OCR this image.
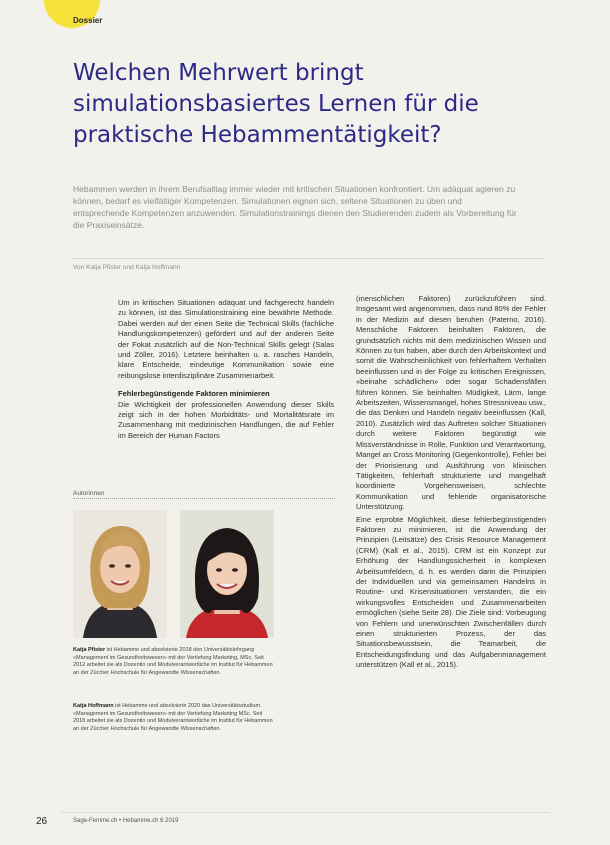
Dossier
Welchen Mehrwert bringt simulationsbasiertes Lernen für die praktische Hebammentätigkeit?

Hebammen werden in ihrem Berufsalltag immer wieder mit kritischen Situationen konfrontiert. Um adäquat agieren zu können, bedarf es vielfältiger Kompetenzen. Simulationen eignen sich, seltene Situationen zu üben und entsprechende Kompetenzen anzuwenden. Simulationstrainings dienen den Studierenden zudem als Vorbereitung für die Praxiseinsätze.

Von Katja Pfister und Katja Hoffmann

Um in kritischen Situationen adäquat und fachgerecht handeln zu können, ist das Simulationstraining eine bewährte Methode. Dabei werden auf der einen Seite die Technical Skills (fachliche Handlungskompetenzen) gefördert und auf der anderen Seite der Fokat zusätzlich auf die Non-Technical Skills gelegt (Salas und Zöller, 2016). Letztere beinhalten u. a. rasches Handeln, klare Entscheide, eindeutige Kommunikation sowie eine reibungslose interdisziplinäre Zusammenarbeit.

Fehlerbegünstigende Faktoren minimieren

Die Wichtigkeit der professionellen Anwendung dieser Skills zeigt sich in der hohen Morbiditäts- und Mortalitätsrate im Zusammenhang mit medizinischen Handlungen, die auf Fehler im Bereich der Human Factors

(menschlichen Faktoren) zurückzuführen sind. Insgesamt wird angenommen, dass rund 80% der Fehler in der Medizin auf diesen beruhen (Paterno, 2016). Menschliche Faktoren beinhalten Faktoren, die grundsätzlich nichts mit dem medizinischen Wissen und Können zu tun haben, aber durch den Arbeitskontext und somit die Wahrscheinlichkeit von fehlerhaftem Verhalten beeinflussen und in der Folge zu kritischen Ereignissen, «beinahe schädlichen» oder sogar Schadensfällen führen können. Sie beinhalten Müdigkeit, Lärm, lange Arbeitszeiten, Wissensmangel, hohes Stressniveau usw., die das Denken und Handeln negativ beeinflussen (Kall, 2010). Zusätzlich wird das Auftreten solcher Situationen durch weitere Faktoren begünstigt wie Missverständnisse in Rolle, Funktion und Verantwortung, Mangel an Cross Monitoring (Gegenkontrolle), Fehler bei der Priorisierung und Ausführung von klinischen Tätigkeiten, fehlerhaft strukturierte und mangelhaft koordinierte Vorgehensweisen, schlechte Kommunikation und fehlende organisatorische Unterstützung.

Eine erprobte Möglichkeit, diese fehlerbegünstigenden Faktoren zu minimieren, ist die Anwendung der Prinzipien (Leitsätze) des Crisis Resource Management (CRM) (Kall et al., 2015). CRM ist ein Konzept zur Erhöhung der Handlungssicherheit in komplexen Arbeitsumfeldern, d. h. es werden darin die Prinzipien der Individuellen und via gemeinsamen Handelns in Routine- und Krisensituationen verstanden, die ein wirkungsvolles Entscheiden und Zusammenarbeiten ermöglichen (siehe Seite 28). Die Ziele sind: Vorbeugung von Fehlern und unerwünschten Zwischenfällen durch einen strukturierten Prozess, der das Situationsbewusstsein, die Teamarbeit, die Entscheidungsfindung und das Aufgabenmanagement unterstützen (Kall et al., 2015).

Autorinnen
Katja Pfister ist Hebamme und absolvierte 2018 den Universitätslehrgang «Management im Gesundheitswesen» mit der Vertiefung Marketing, MSc. Seit 2012 arbeitet sie als Dozentin und Modulverantwortliche im Institut für Hebammen an der Zürcher Hochschule für Angewandte Wissenschaften.
Katja Hoffmann ist Hebamme und absolvierte 2020 das Universitätsstudium «Management im Gesundheitswesen» mit der Vertiefung Marketing MSc. Seit 2018 arbeitet sie als Dozentin und Modulverantwortliche im Institut für Hebammen an der Zürcher Hochschule für Angewandte Wissenschaften.
26	Sage-Femme.ch • Hebamme.ch 6 2019
